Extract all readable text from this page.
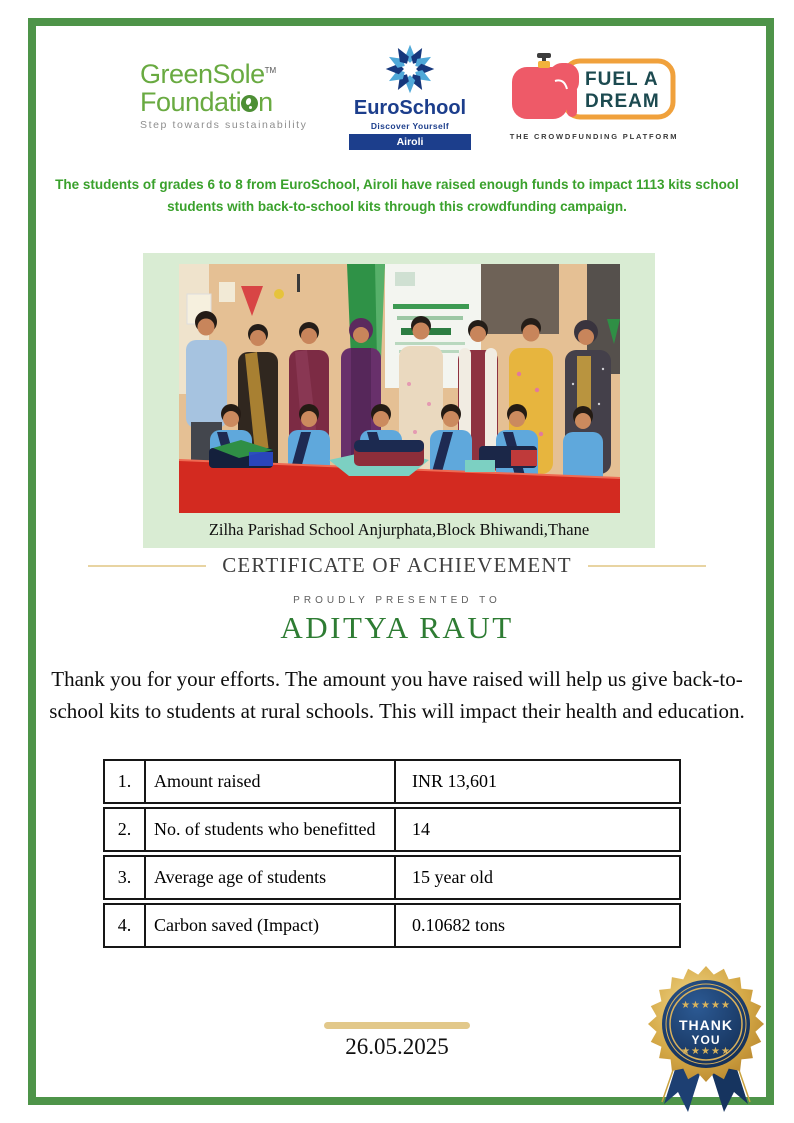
GreenSole™
Foundati n
Step towards sustainability
EuroSchool
Discover Yourself
Airoli
FUEL A
DREAM
THE CROWDFUNDING PLATFORM

The students of grades 6 to 8 from EuroSchool, Airoli have raised enough funds to impact 1113 kits school students with back-to-school kits through this crowdfunding campaign.

Zilha Parishad School Anjurphata,Block Bhiwandi,Thane
CERTIFICATE OF ACHIEVEMENT
PROUDLY PRESENTED TO
ADITYA RAUT

Thank you for your efforts. The amount you have raised will help us give back-to-school kits to students at rural schools. This will impact their health and education.

1.	Amount raised	INR 13,601
2.	No. of students who benefitted	14
3.	Average age of students	15 year old
4.	Carbon saved (Impact)	0.10682 tons
26.05.2025
★★★★★
THANK
YOU
★★★★★
